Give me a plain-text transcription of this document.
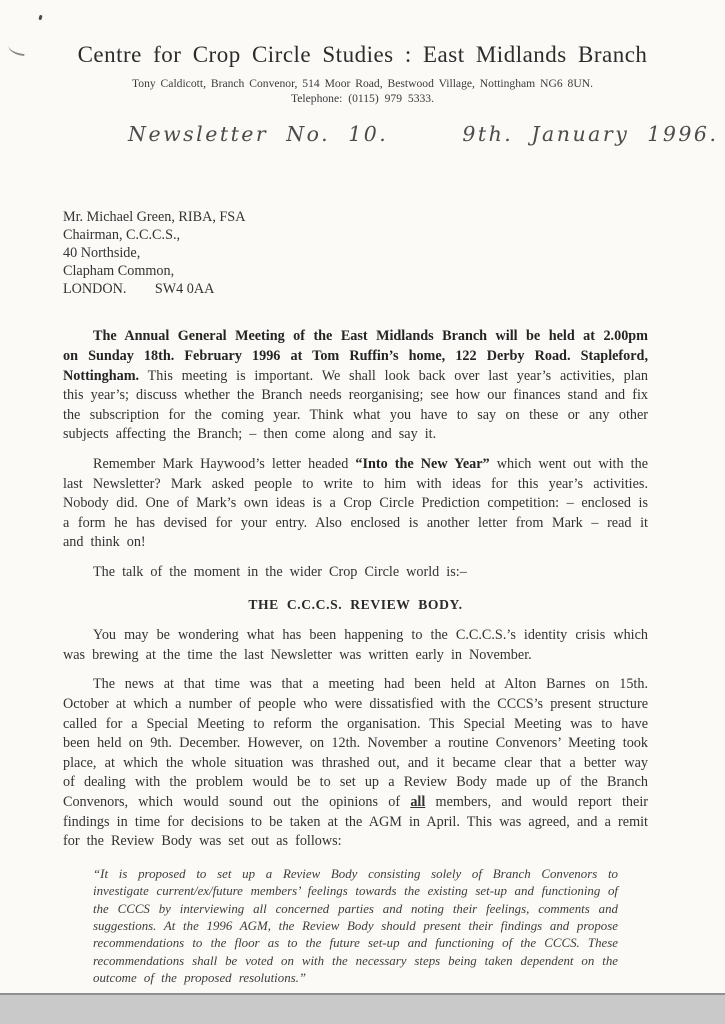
Centre for Crop Circle Studies : East Midlands Branch
Tony Caldicott, Branch Convenor, 514 Moor Road, Bestwood Village, Nottingham NG6 8UN.
Telephone: (0115) 979 5333.
Newsletter No. 10.	9th. January 1996.
Mr. Michael Green, RIBA, FSA
Chairman, C.C.C.S.,
40 Northside,
Clapham Common,
LONDON.        SW4 0AA

The Annual General Meeting of the East Midlands Branch will be held at 2.00pm on Sunday 18th. February 1996 at Tom Ruffin’s home, 122 Derby Road. Stapleford, Nottingham. This meeting is important. We shall look back over last year’s activities, plan this year’s; discuss whether the Branch needs reorganising; see how our finances stand and fix the subscription for the coming year. Think what you have to say on these or any other subjects affecting the Branch; – then come along and say it.

Remember Mark Haywood’s letter headed “Into the New Year” which went out with the last Newsletter? Mark asked people to write to him with ideas for this year’s activities. Nobody did. One of Mark’s own ideas is a Crop Circle Prediction competition: – enclosed is a form he has devised for your entry. Also enclosed is another letter from Mark – read it and think on!

The talk of the moment in the wider Crop Circle world is:–

THE C.C.C.S. REVIEW BODY.

You may be wondering what has been happening to the C.C.C.S.’s identity crisis which was brewing at the time the last Newsletter was written early in November.

The news at that time was that a meeting had been held at Alton Barnes on 15th. October at which a number of people who were dissatisfied with the CCCS’s present structure called for a Special Meeting to reform the organisation. This Special Meeting was to have been held on 9th. December. However, on 12th. November a routine Convenors’ Meeting took place, at which the whole situation was thrashed out, and it became clear that a better way of dealing with the problem would be to set up a Review Body made up of the Branch Convenors, which would sound out the opinions of all members, and would report their findings in time for decisions to be taken at the AGM in April. This was agreed, and a remit for the Review Body was set out as follows:

“It is proposed to set up a Review Body consisting solely of Branch Convenors to investigate current/ex/future members’ feelings towards the existing set-up and functioning of the CCCS by interviewing all concerned parties and noting their feelings, comments and suggestions. At the 1996 AGM, the Review Body should present their findings and propose recommendations to the floor as to the future set-up and functioning of the CCCS. These recommendations shall be voted on with the necessary steps being taken dependent on the outcome of the proposed resolutions.”
